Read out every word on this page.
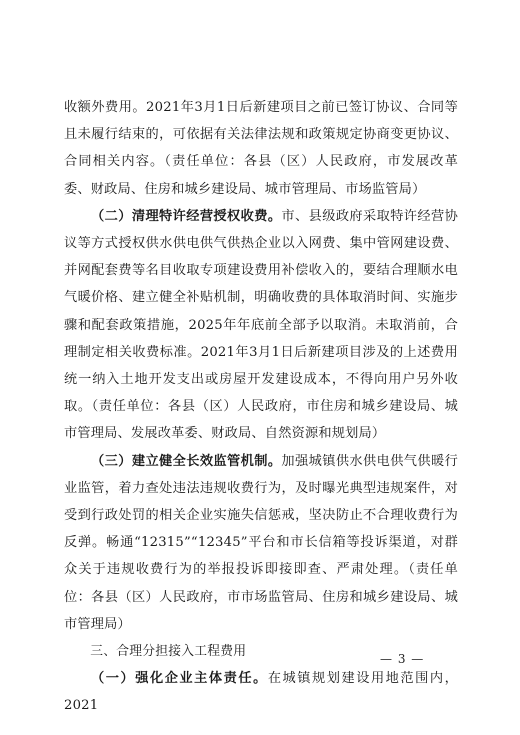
收额外费用。2021年3月1日后新建项目之前已签订协议、合同等且未履行结束的，可依据有关法律法规和政策规定协商变更协议、合同相关内容。（责任单位：各县（区）人民政府，市发展改革委、财政局、住房和城乡建设局、城市管理局、市场监管局）

（二）清理特许经营授权收费。市、县级政府采取特许经营协议等方式授权供水供电供气供热企业以入网费、集中管网建设费、并网配套费等名目收取专项建设费用补偿收入的，要结合理顺水电气暖价格、建立健全补贴机制，明确收费的具体取消时间、实施步骤和配套政策措施，2025年年底前全部予以取消。未取消前，合理制定相关收费标准。2021年3月1日后新建项目涉及的上述费用统一纳入土地开发支出或房屋开发建设成本，不得向用户另外收取。（责任单位：各县（区）人民政府，市住房和城乡建设局、城市管理局、发展改革委、财政局、自然资源和规划局）

（三）建立健全长效监管机制。加强城镇供水供电供气供暖行业监管，着力查处违法违规收费行为，及时曝光典型违规案件，对受到行政处罚的相关企业实施失信惩戒，坚决防止不合理收费行为反弹。畅通“12315”“12345”平台和市长信箱等投诉渠道，对群众关于违规收费行为的举报投诉即接即查、严肃处理。（责任单位：各县（区）人民政府，市市场监管局、住房和城乡建设局、城市管理局）

三、合理分担接入工程费用

（一）强化企业主体责任。在城镇规划建设用地范围内，2021

— 3 —
